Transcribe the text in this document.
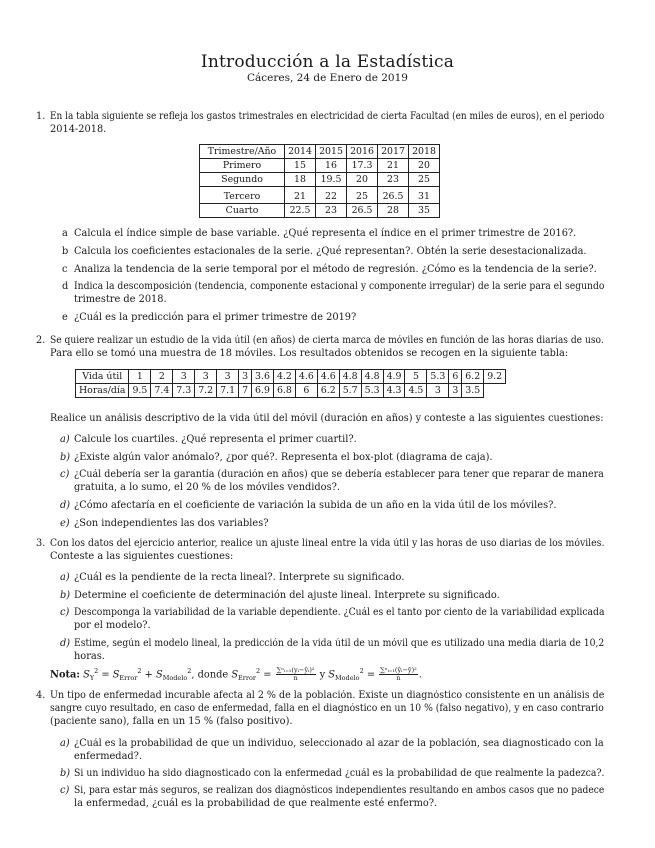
Introducción a la Estadística
Cáceres, 24 de Enero de 2019
1. En la tabla siguiente se refleja los gastos trimestrales en electricidad de cierta Facultad (en miles de euros), en el periodo
2014-2018.
Trimestre/Año	2014	2015	2016	2017	2018
Primero	15	16	17.3	21	20
Segundo	18	19.5	20	23	25
Tercero	21	22	25	26.5	31
Cuarto	22.5	23	26.5	28	35
a Calcula el índice simple de base variable. ¿Qué representa el índice en el primer trimestre de 2016?.
b Calcula los coeficientes estacionales de la serie. ¿Qué representan?. Obtén la serie desestacionalizada.
c Analiza la tendencia de la serie temporal por el método de regresión. ¿Cómo es la tendencia de la serie?.
d Indica la descomposición (tendencia, componente estacional y componente irregular) de la serie para el segundo
trimestre de 2018.
e ¿Cuál es la predicción para el primer trimestre de 2019?
2. Se quiere realizar un estudio de la vida útil (en años) de cierta marca de móviles en función de las horas diarias de uso.
Para ello se tomó una muestra de 18 móviles. Los resultados obtenidos se recogen en la siguiente tabla:
Vida útil	1	2	3	3	3	3	3.6	4.2	4.6	4.6	4.8	4.8	4.9	5	5.3	6	6.2	9.2
Horas/día	9.5	7.4	7.3	7.2	7.1	7	6.9	6.8	6	6.2	5.7	5.3	4.3	4.5	3	3	3.5	
Realice un análisis descriptivo de la vida útil del móvil (duración en años) y conteste a las siguientes cuestiones:
a) Calcule los cuartiles. ¿Qué representa el primer cuartil?.
b) ¿Existe algún valor anómalo?, ¿por qué?. Representa el box-plot (diagrama de caja).
c) ¿Cuál debería ser la garantía (duración en años) que se debería establecer para tener que reparar de manera
gratuita, a lo sumo, el 20 % de los móviles vendidos?.
d) ¿Cómo afectaría en el coeficiente de variación la subida de un año en la vida útil de los móviles?.
e) ¿Son independientes las dos variables?
3. Con los datos del ejercicio anterior, realice un ajuste lineal entre la vida útil y las horas de uso diarias de los móviles.
Conteste a las siguientes cuestiones:
a) ¿Cuál es la pendiente de la recta lineal?. Interprete su significado.
b) Determine el coeficiente de determinación del ajuste lineal. Interprete su significado.
c) Descomponga la variabilidad de la variable dependiente. ¿Cuál es el tanto por ciento de la variabilidad explicada
por el modelo?.
d) Estime, según el modelo lineal, la predicción de la vida útil de un móvil que es utilizado una media diaria de 10,2
horas.
Nota: $S_Y^2 = S_{Error}^2 + S_{Modelo}^2$, donde $S_{Error}^2 = \frac{\text{∑ⁿᵢ₌₁(yᵢ−ŷᵢ)²}}{n}$ y $S_{Modelo}^2 = \frac{\text{∑ⁿᵢ₌₁(ŷᵢ−ȳ)²}}{n}$ .
4. Un tipo de enfermedad incurable afecta al 2 % de la población. Existe un diagnóstico consistente en un análisis de
sangre cuyo resultado, en caso de enfermedad, falla en el diagnóstico en un 10 % (falso negativo), y en caso contrario
(paciente sano), falla en un 15 % (falso positivo).
a) ¿Cuál es la probabilidad de que un individuo, seleccionado al azar de la población, sea diagnosticado con la
enfermedad?.
b) Si un individuo ha sido diagnosticado con la enfermedad ¿cuál es la probabilidad de que realmente la padezca?.
c) Si, para estar más seguros, se realizan dos diagnósticos independientes resultando en ambos casos que no padece
la enfermedad, ¿cuál es la probabilidad de que realmente esté enfermo?.
